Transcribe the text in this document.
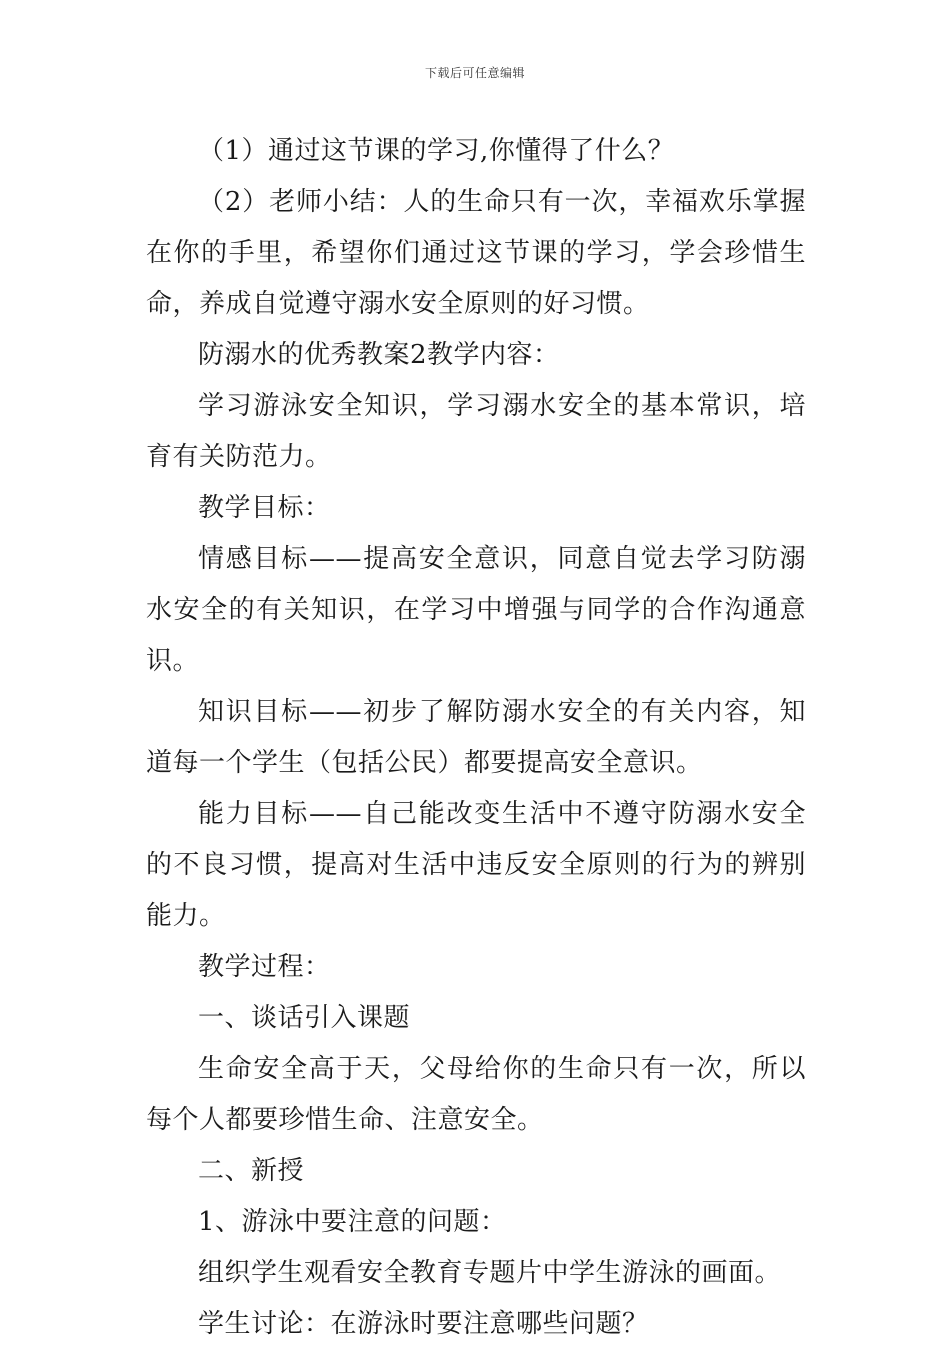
下载后可任意编辑

（1）通过这节课的学习,你懂得了什么？

（2）老师小结：人的生命只有一次，幸福欢乐掌握在你的手里，希望你们通过这节课的学习，学会珍惜生命，养成自觉遵守溺水安全原则的好习惯。

防溺水的优秀教案2教学内容：

学习游泳安全知识，学习溺水安全的基本常识，培育有关防范力。

教学目标：

情感目标——提高安全意识，同意自觉去学习防溺水安全的有关知识，在学习中增强与同学的合作沟通意识。

知识目标——初步了解防溺水安全的有关内容，知道每一个学生（包括公民）都要提高安全意识。

能力目标——自己能改变生活中不遵守防溺水安全的不良习惯，提高对生活中违反安全原则的行为的辨别能力。

教学过程：

一、谈话引入课题

生命安全高于天，父母给你的生命只有一次，所以每个人都要珍惜生命、注意安全。

二、新授

1、游泳中要注意的问题：

组织学生观看安全教育专题片中学生游泳的画面。

学生讨论：在游泳时要注意哪些问题？
